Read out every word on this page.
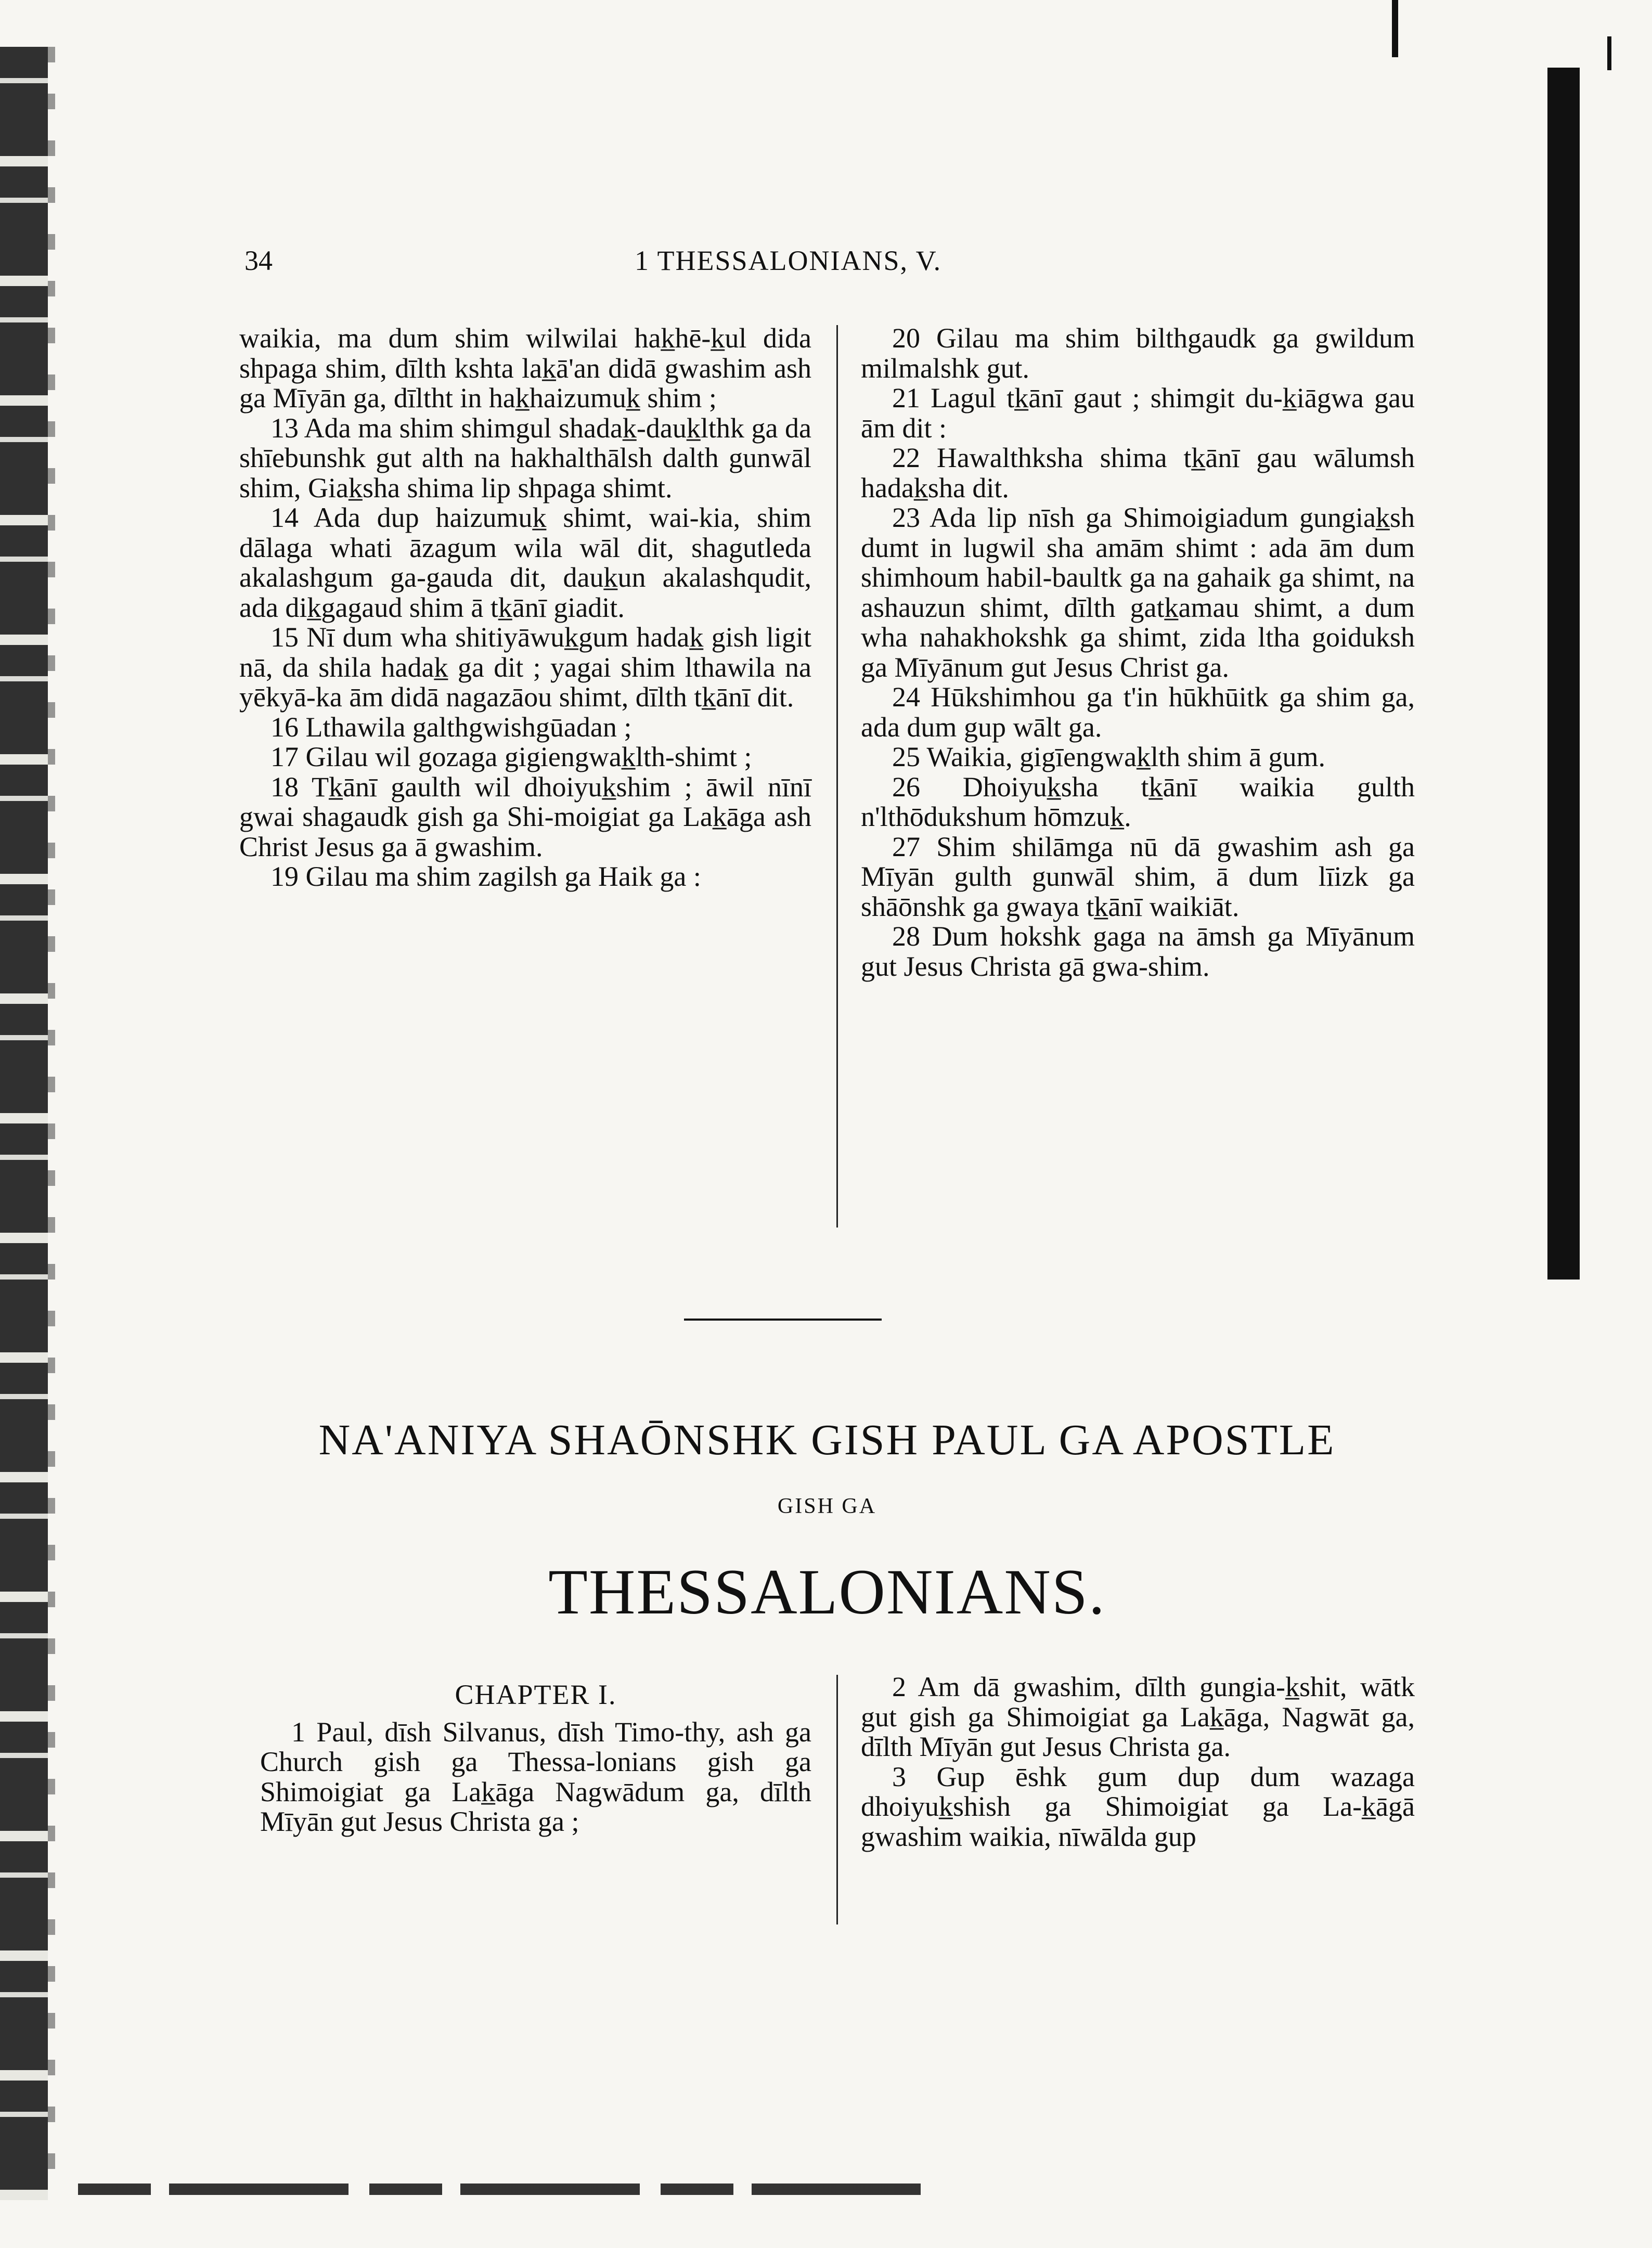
34	1 THESSALONIANS, V.

waikia, ma dum shim wilwilai hak̲hē-k̲ul dida shpaga shim, dīlth kshta lak̲ā'an didā gwashim ash ga Mīyān ga, dīltht in hak̲haizumuk̲ shim ;

13 Ada ma shim shimgul shadak̲-dauk̲lthk ga da shīebunshk gut alth na hakhalthālsh dalth gunwāl shim, Giak̲sha shima lip shpaga shimt.

14 Ada dup haizumuk̲ shimt, wai-kia, shim dālaga whati āzagum wila wāl dit, shagutleda akalashgum ga-gauda dit, dauk̲un akalashqudit, ada dik̲gagaud shim ā tk̲ānī giadit.

15 Nī dum wha shitiyāwuk̲gum hadak̲ gish ligit nā, da shila hadak̲ ga dit ; yagai shim lthawila na yēkyā-ka ām didā nagazāou shimt, dīlth tk̲ānī dit.

16 Lthawila galthgwishgūadan ;

17 Gilau wil gozaga gigiengwak̲lth-shimt ;

18 Tk̲ānī gaulth wil dhoiyuk̲shim ; āwil nīnī gwai shagaudk gish ga Shi-moigiat ga Lak̲āga ash Christ Jesus ga ā gwashim.

19 Gilau ma shim zagilsh ga Haik ga :

20 Gilau ma shim bilthgaudk ga gwildum milmalshk gut.

21 Lagul tk̲ānī gaut ; shimgit du-k̲iāgwa gau ām dit :

22 Hawalthksha shima tk̲ānī gau wālumsh hadak̲sha dit.

23 Ada lip nīsh ga Shimoigiadum gungiak̲sh dumt in lugwil sha amām shimt : ada ām dum shimhoum habil-baultk ga na gahaik ga shimt, na ashauzun shimt, dīlth gatk̲amau shimt, a dum wha nahakhokshk ga shimt, zida ltha goiduksh ga Mīyānum gut Jesus Christ ga.

24 Hūkshimhou ga t'in hūkhūitk ga shim ga, ada dum gup wālt ga.

25 Waikia, gigīengwak̲lth shim ā gum.

26 Dhoiyuk̲sha tk̲ānī waikia gulth n'lthōdukshum hōmzuk̲.

27 Shim shilāmga nū dā gwashim ash ga Mīyān gulth gunwāl shim, ā dum līizk ga shāōnshk ga gwaya tk̲ānī waikiāt.

28 Dum hokshk gaga na āmsh ga Mīyānum gut Jesus Christa gā gwa-shim.

NA'ANIYA SHAŌNSHK GISH PAUL GA APOSTLE
GISH GA
THESSALONIANS.

CHAPTER I.

1 Paul, dīsh Silvanus, dīsh Timo-thy, ash ga Church gish ga Thessa-lonians gish ga Shimoigiat ga Lak̲āga Nagwādum ga, dīlth Mīyān gut Jesus Christa ga ;

2 Am dā gwashim, dīlth gungia-k̲shit, wātk gut gish ga Shimoigiat ga Lak̲āga, Nagwāt ga, dīlth Mīyān gut Jesus Christa ga.

3 Gup ēshk gum dup dum wazaga dhoiyuk̲shish ga Shimoigiat ga La-k̲āgā gwashim waikia, nīwālda gup
